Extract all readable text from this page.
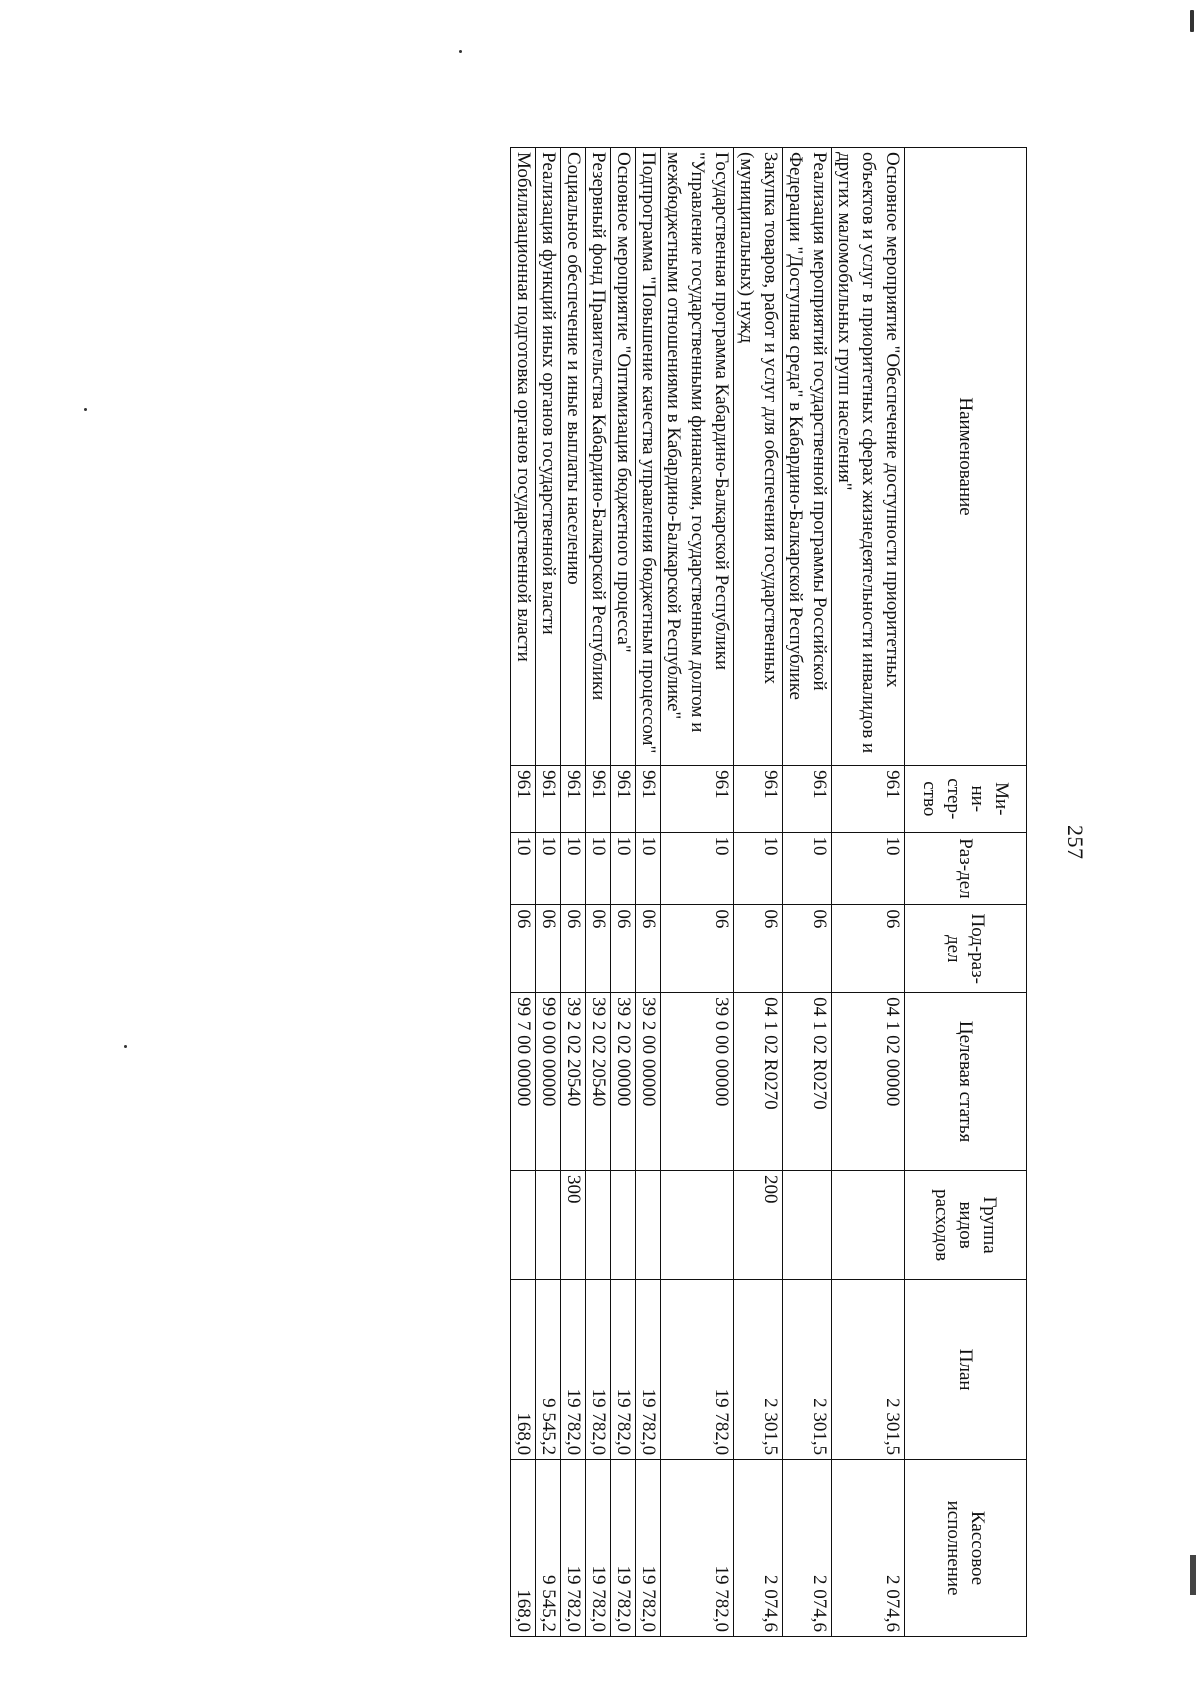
257
Наименование	Ми-ни-стер-ство	Раз-дел	Под-раз-дел	Целевая статья	Группа видов расходов	План	Кассовое исполнение
Основное мероприятие "Обеспечение доступности приоритетных объектов и услуг в приоритетных сферах жизнедеятельности инвалидов и других маломобильных групп населения"	961	10	06	04 1 02 00000		2 301,5	2 074,6
Реализация мероприятий государственной программы Российской Федерации "Доступная среда" в Кабардино-Балкарской Республике	961	10	06	04 1 02 R0270		2 301,5	2 074,6
Закупка товаров, работ и услуг для обеспечения государственных (муниципальных) нужд	961	10	06	04 1 02 R0270	200	2 301,5	2 074,6
Государственная программа Кабардино-Балкарской Республики "Управление государственными финансами, государственным долгом и межбюджетными отношениями в Кабардино-Балкарской Республике"	961	10	06	39 0 00 00000		19 782,0	19 782,0
Подпрограмма "Повышение качества управления бюджетным процессом"	961	10	06	39 2 00 00000		19 782,0	19 782,0
Основное мероприятие "Оптимизация бюджетного процесса"	961	10	06	39 2 02 00000		19 782,0	19 782,0
Резервный фонд Правительства Кабардино-Балкарской Республики	961	10	06	39 2 02 20540		19 782,0	19 782,0
Социальное обеспечение и иные выплаты населению	961	10	06	39 2 02 20540	300	19 782,0	19 782,0
Реализация функций иных органов государственной власти	961	10	06	99 0 00 00000		9 545,2	9 545,2
Мобилизационная подготовка органов государственной власти	961	10	06	99 7 00 00000		168,0	168,0
